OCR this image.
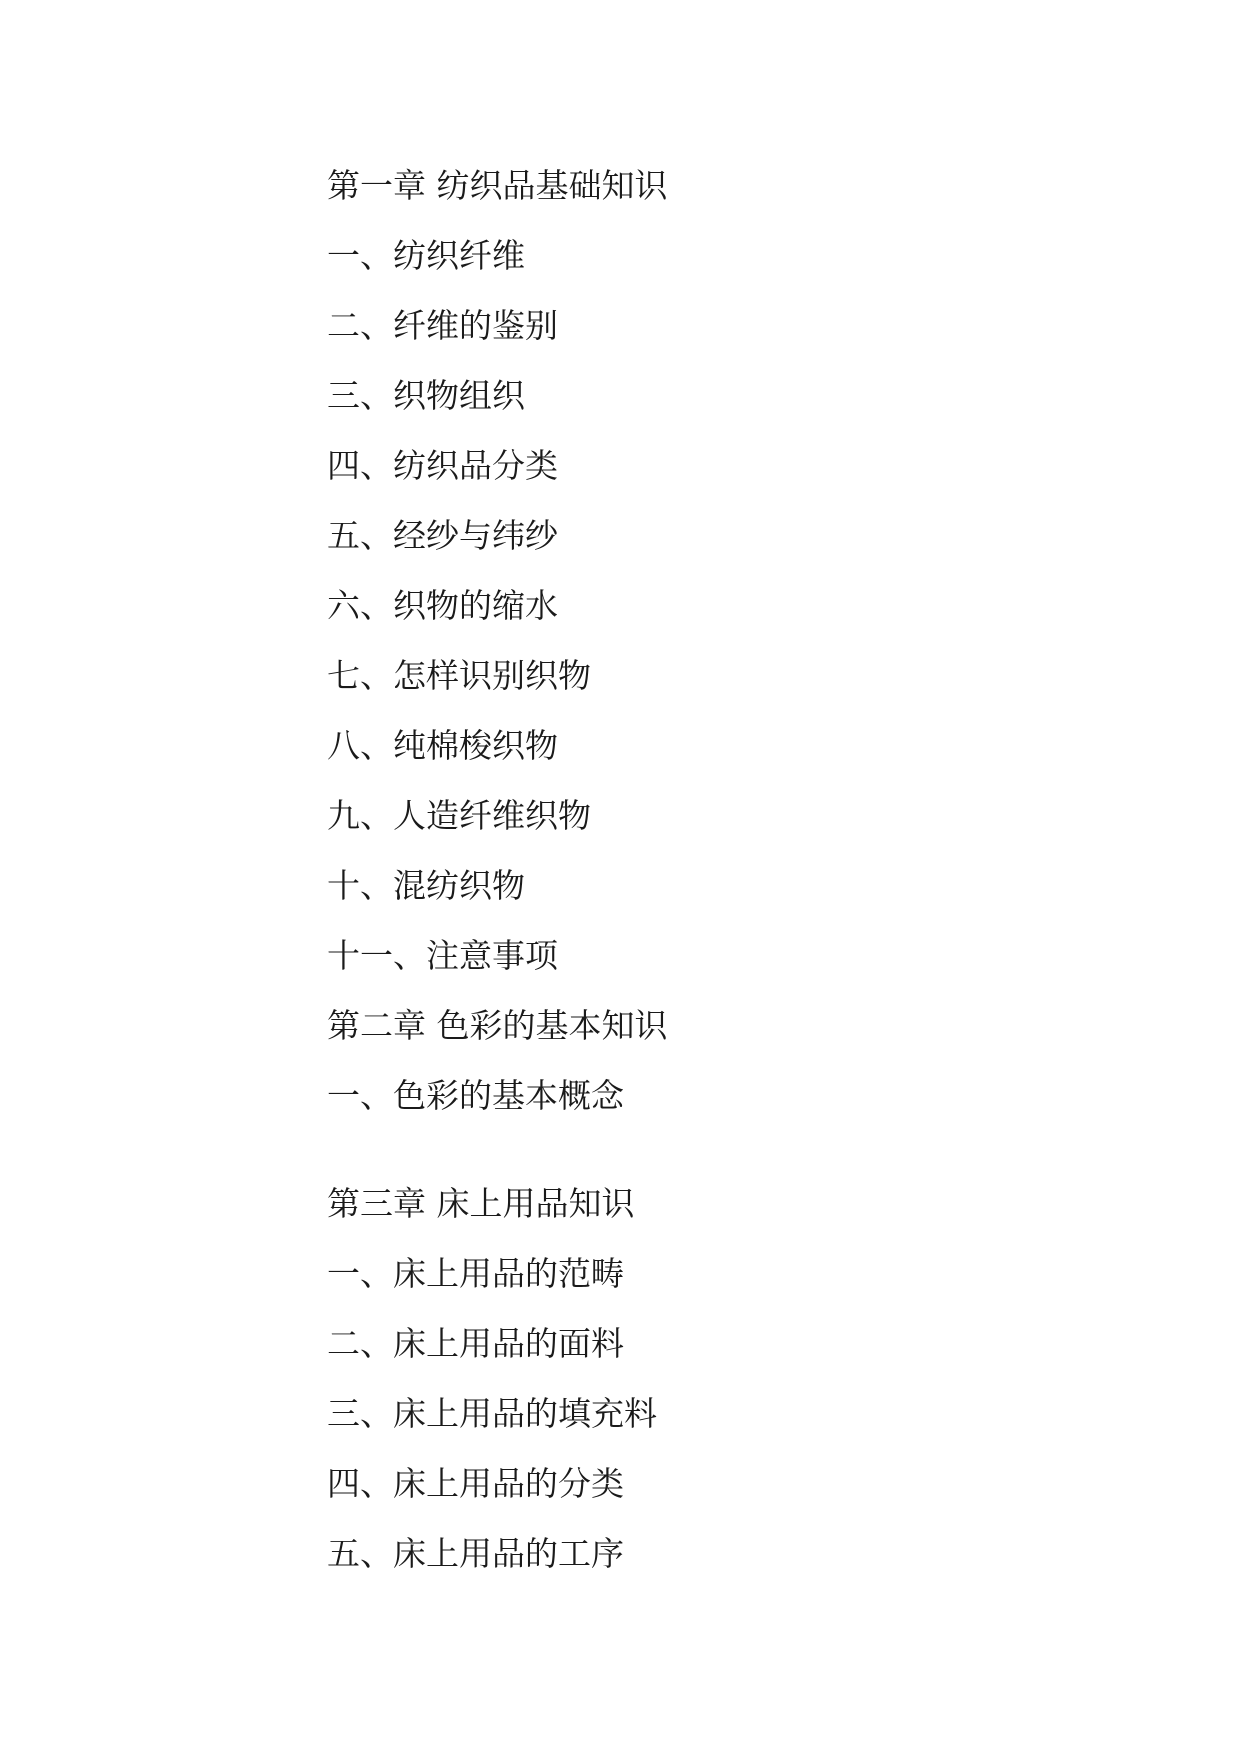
第一章 纺织品基础知识
一、纺织纤维
二、纤维的鉴别
三、织物组织
四、纺织品分类
五、经纱与纬纱
六、织物的缩水
七、怎样识别织物
八、纯棉梭织物
九、人造纤维织物
十、混纺织物
十一、注意事项
第二章 色彩的基本知识
一、色彩的基本概念
第三章 床上用品知识
一、床上用品的范畴
二、床上用品的面料
三、床上用品的填充料
四、床上用品的分类
五、床上用品的工序
